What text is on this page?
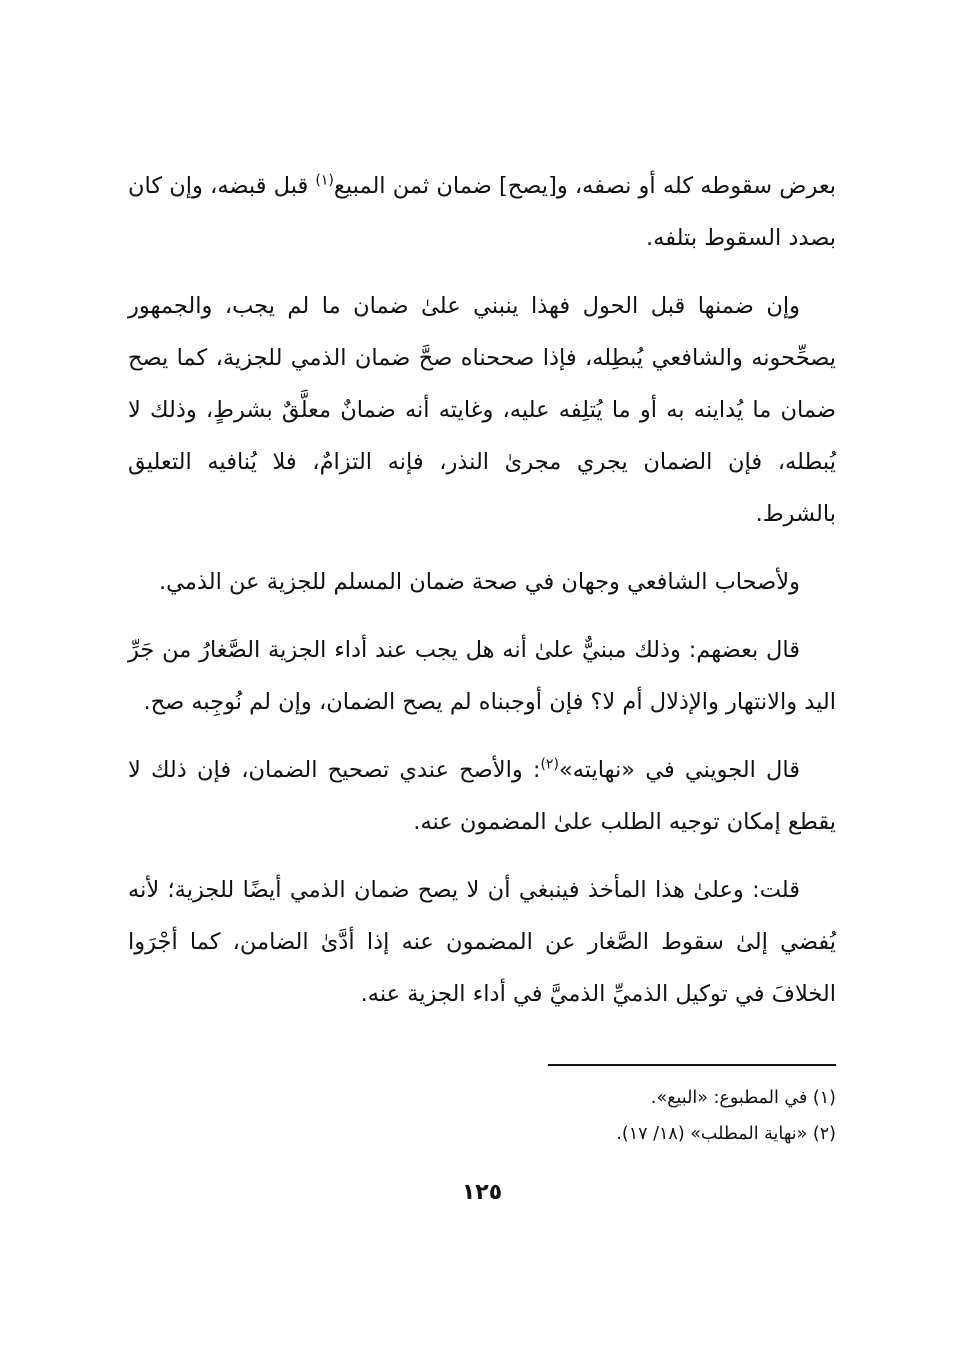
بعرض سقوطه كله أو نصفه، و[يصح] ضمان ثمن المبيع$^{(١)}$ قبل قبضه، وإن كان بصدد السقوط بتلفه.

وإن ضمنها قبل الحول فهذا ينبني علىٰ ضمان ما لم يجب، والجمهور يصحِّحونه والشافعي يُبطِله، فإذا صححناه صحَّ ضمان الذمي للجزية، كما يصح ضمان ما يُداينه به أو ما يُتلِفه عليه، وغايته أنه ضمانٌ معلَّقٌ بشرطٍ، وذلك لا يُبطله، فإن الضمان يجري مجرىٰ النذر، فإنه التزامٌ، فلا يُنافيه التعليق بالشرط.

ولأصحاب الشافعي وجهان في صحة ضمان المسلم للجزية عن الذمي.

قال بعضهم: وذلك مبنيٌّ علىٰ أنه هل يجب عند أداء الجزية الصَّغارُ من جَرِّ اليد والانتهار والإذلال أم لا؟ فإن أوجبناه لم يصح الضمان، وإن لم نُوجِبه صح.

قال الجويني في «نهايته»$^{(٢)}$: والأصح عندي تصحيح الضمان، فإن ذلك لا يقطع إمكان توجيه الطلب علىٰ المضمون عنه.

قلت: وعلىٰ هذا المأخذ فينبغي أن لا يصح ضمان الذمي أيضًا للجزية؛ لأنه يُفضي إلىٰ سقوط الصَّغار عن المضمون عنه إذا أدَّىٰ الضامن، كما أجْرَوا الخلافَ في توكيل الذميِّ الذميَّ في أداء الجزية عنه.

(١) في المطبوع: «البيع».

(٢) «نهاية المطلب» (١٨/ ١٧).

١٢٥
